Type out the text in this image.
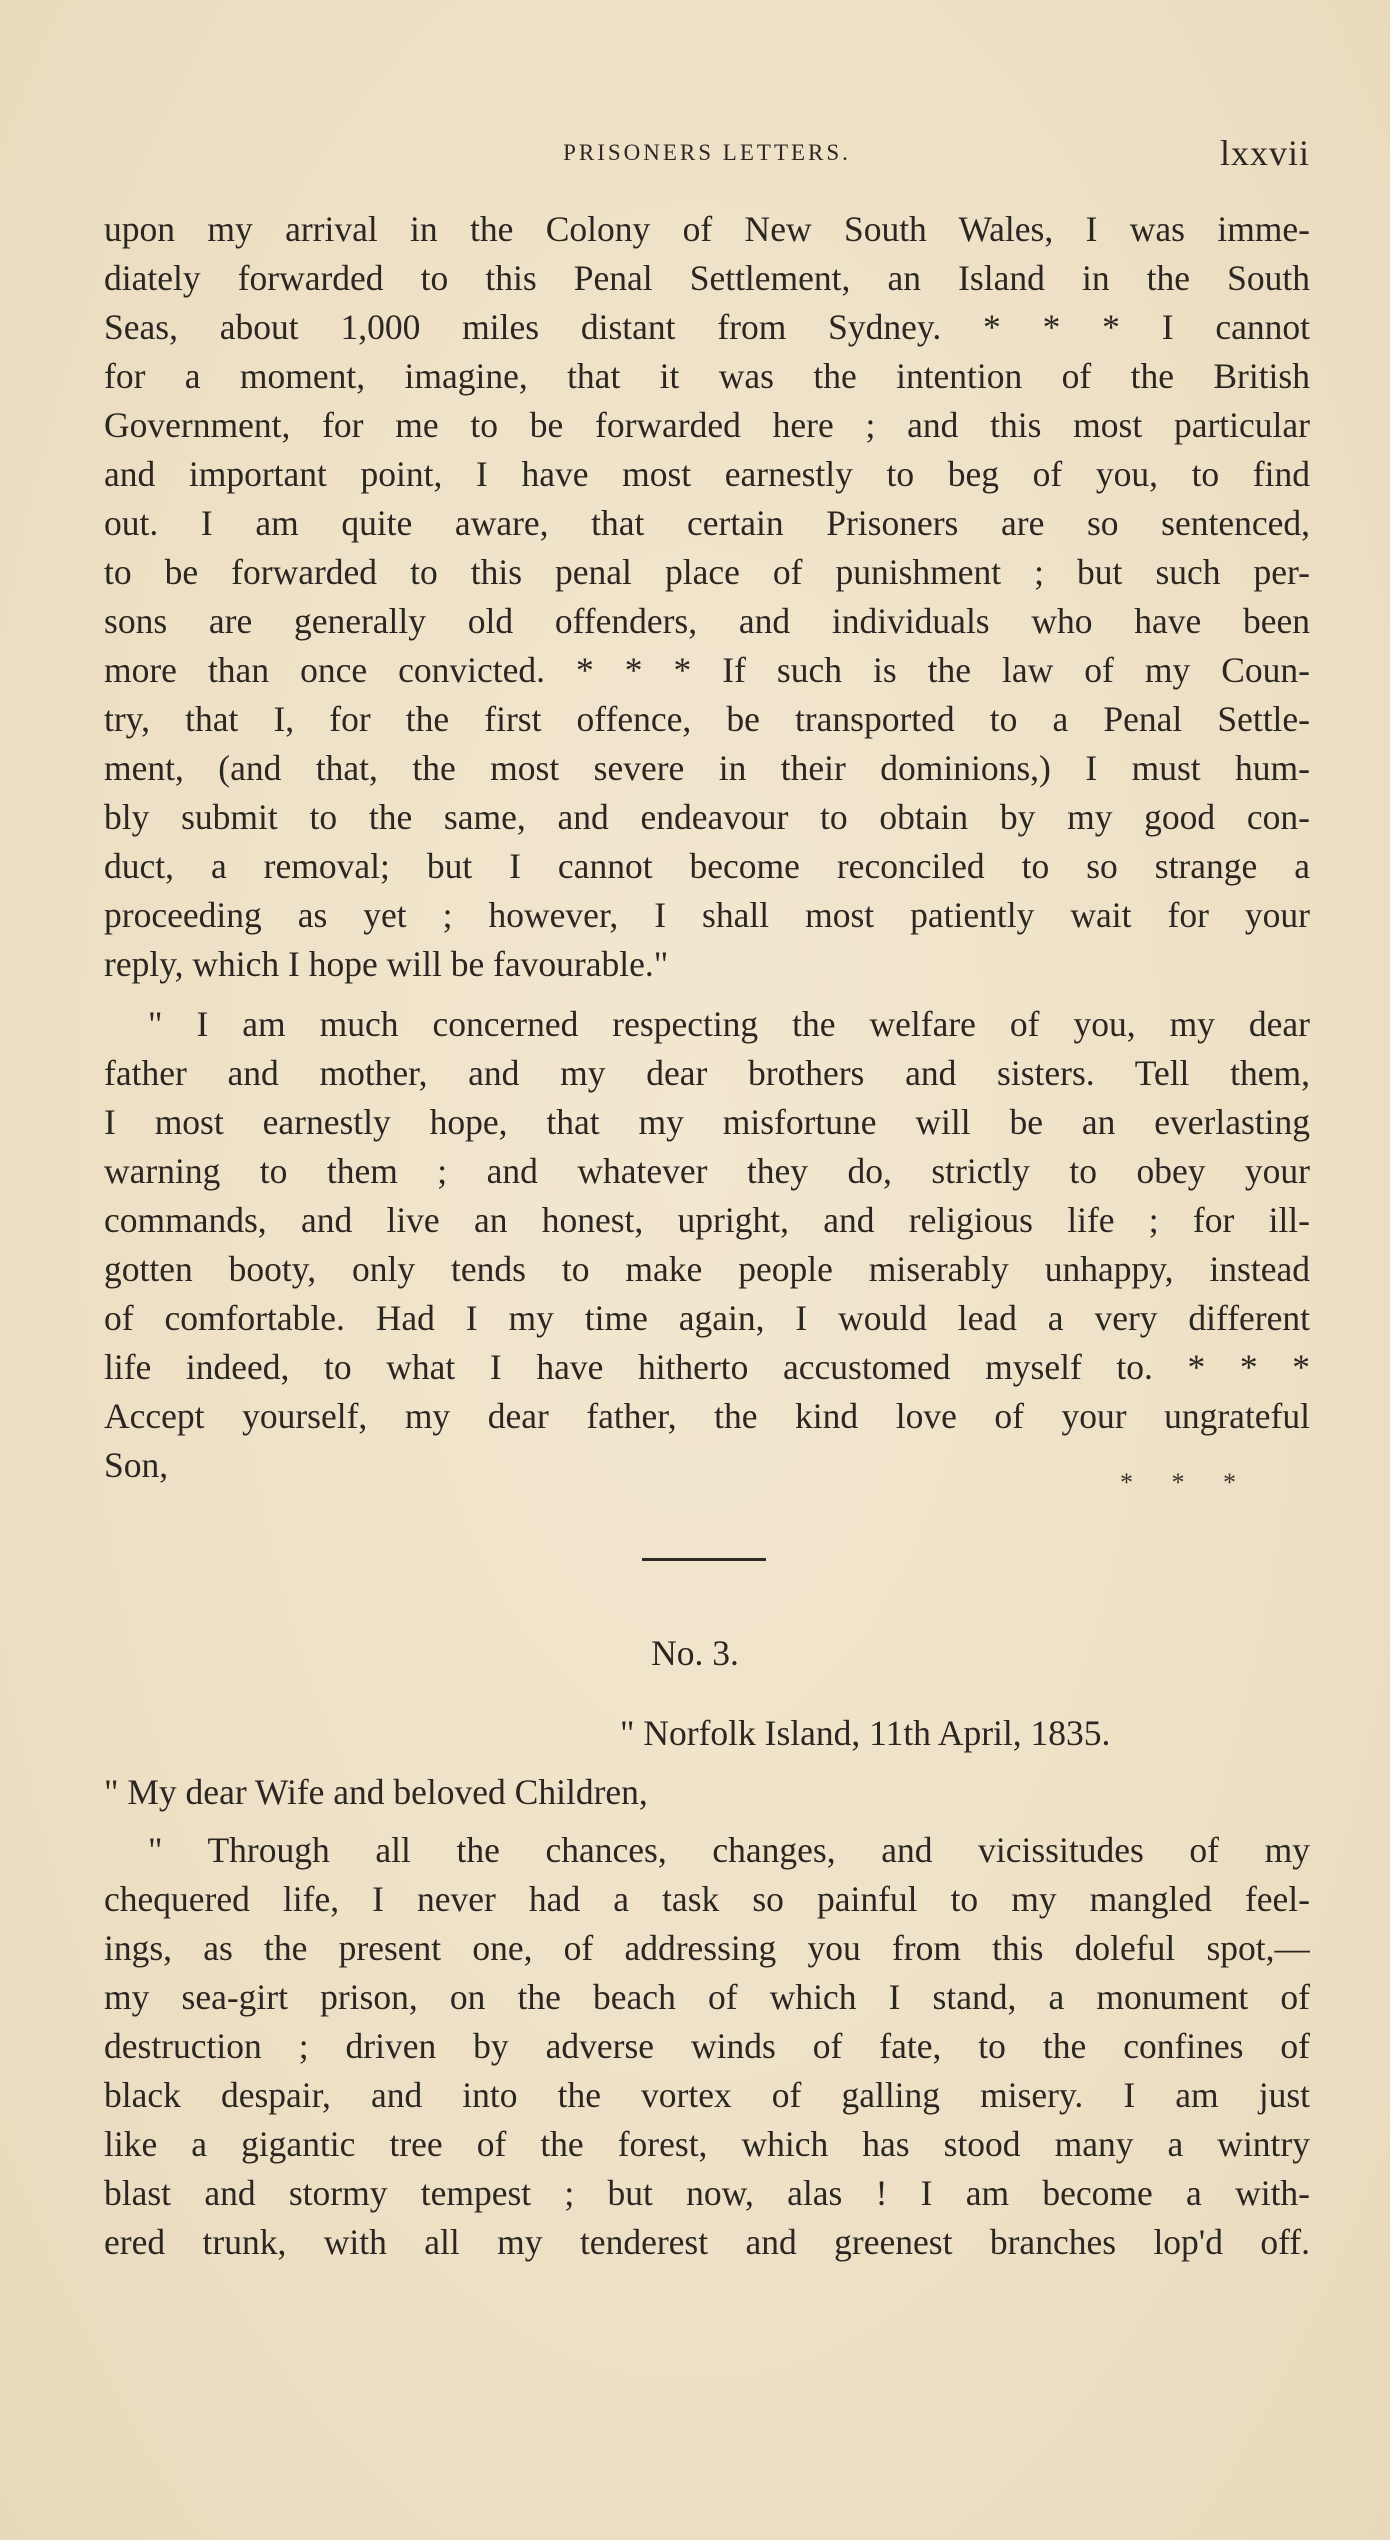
PRISONERS LETTERS.	lxxvii
upon my arrival in the Colony of New South Wales, I was imme-
diately forwarded to this Penal Settlement, an Island in the South
Seas, about 1,000 miles distant from Sydney. * * * I cannot
for a moment, imagine, that it was the intention of the British
Government, for me to be forwarded here ; and this most particular
and important point, I have most earnestly to beg of you, to find
out. I am quite aware, that certain Prisoners are so sentenced,
to be forwarded to this penal place of punishment ; but such per-
sons are generally old offenders, and individuals who have been
more than once convicted. * * * If such is the law of my Coun-
try, that I, for the first offence, be transported to a Penal Settle-
ment, (and that, the most severe in their dominions,) I must hum-
bly submit to the same, and endeavour to obtain by my good con-
duct, a removal; but I cannot become reconciled to so strange a
proceeding as yet ; however, I shall most patiently wait for your
reply, which I hope will be favourable."
" I am much concerned respecting the welfare of you, my dear
father and mother, and my dear brothers and sisters. Tell them,
I most earnestly hope, that my misfortune will be an everlasting
warning to them ; and whatever they do, strictly to obey your
commands, and live an honest, upright, and religious life ; for ill-
gotten booty, only tends to make people miserably unhappy, instead
of comfortable. Had I my time again, I would lead a very different
life indeed, to what I have hitherto accustomed myself to. * * *
Accept yourself, my dear father, the kind love of your ungrateful
Son,	* * *
No. 3.
" Norfolk Island, 11th April, 1835.
" My dear Wife and beloved Children,
" Through all the chances, changes, and vicissitudes of my
chequered life, I never had a task so painful to my mangled feel-
ings, as the present one, of addressing you from this doleful spot,—
my sea-girt prison, on the beach of which I stand, a monument of
destruction ; driven by adverse winds of fate, to the confines of
black despair, and into the vortex of galling misery. I am just
like a gigantic tree of the forest, which has stood many a wintry
blast and stormy tempest ; but now, alas ! I am become a with-
ered trunk, with all my tenderest and greenest branches lop'd off.
